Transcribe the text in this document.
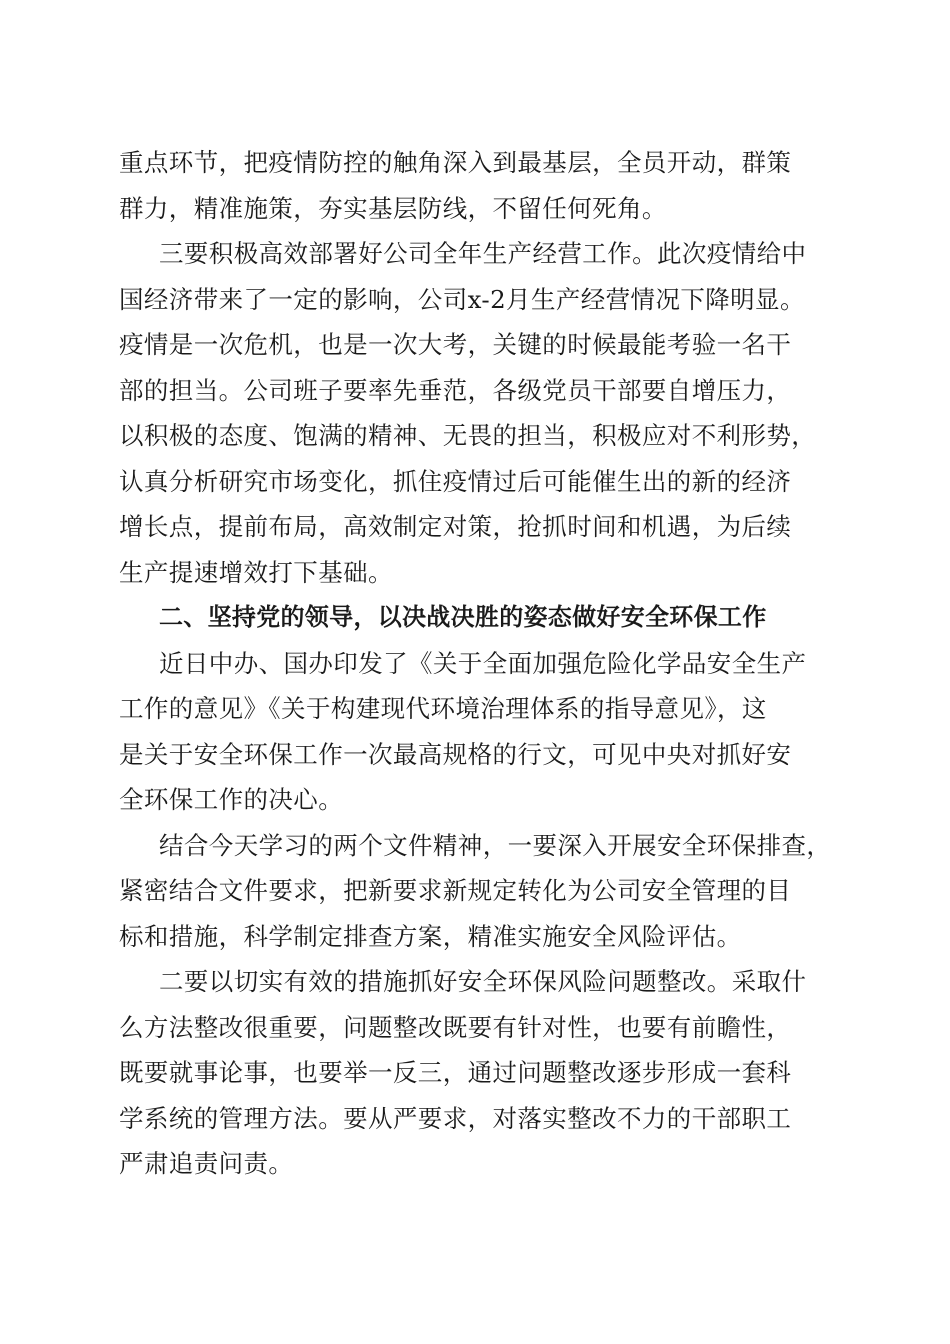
重点环节，把疫情防控的触角深入到最基层，全员开动，群策
群力，精准施策，夯实基层防线，不留任何死角。
三要积极高效部署好公司全年生产经营工作。此次疫情给中
国经济带来了一定的影响，公司x-2月生产经营情况下降明显。
疫情是一次危机，也是一次大考，关键的时候最能考验一名干
部的担当。公司班子要率先垂范，各级党员干部要自增压力，
以积极的态度、饱满的精神、无畏的担当，积极应对不利形势，
认真分析研究市场变化，抓住疫情过后可能催生出的新的经济
增长点，提前布局，高效制定对策，抢抓时间和机遇，为后续
生产提速增效打下基础。
二、坚持党的领导，以决战决胜的姿态做好安全环保工作
近日中办、国办印发了《关于全面加强危险化学品安全生产
工作的意见》《关于构建现代环境治理体系的指导意见》，这
是关于安全环保工作一次最高规格的行文，可见中央对抓好安
全环保工作的决心。
结合今天学习的两个文件精神，一要深入开展安全环保排查，
紧密结合文件要求，把新要求新规定转化为公司安全管理的目
标和措施，科学制定排查方案，精准实施安全风险评估。
二要以切实有效的措施抓好安全环保风险问题整改。采取什
么方法整改很重要，问题整改既要有针对性，也要有前瞻性，
既要就事论事，也要举一反三，通过问题整改逐步形成一套科
学系统的管理方法。要从严要求，对落实整改不力的干部职工
严肃追责问责。
